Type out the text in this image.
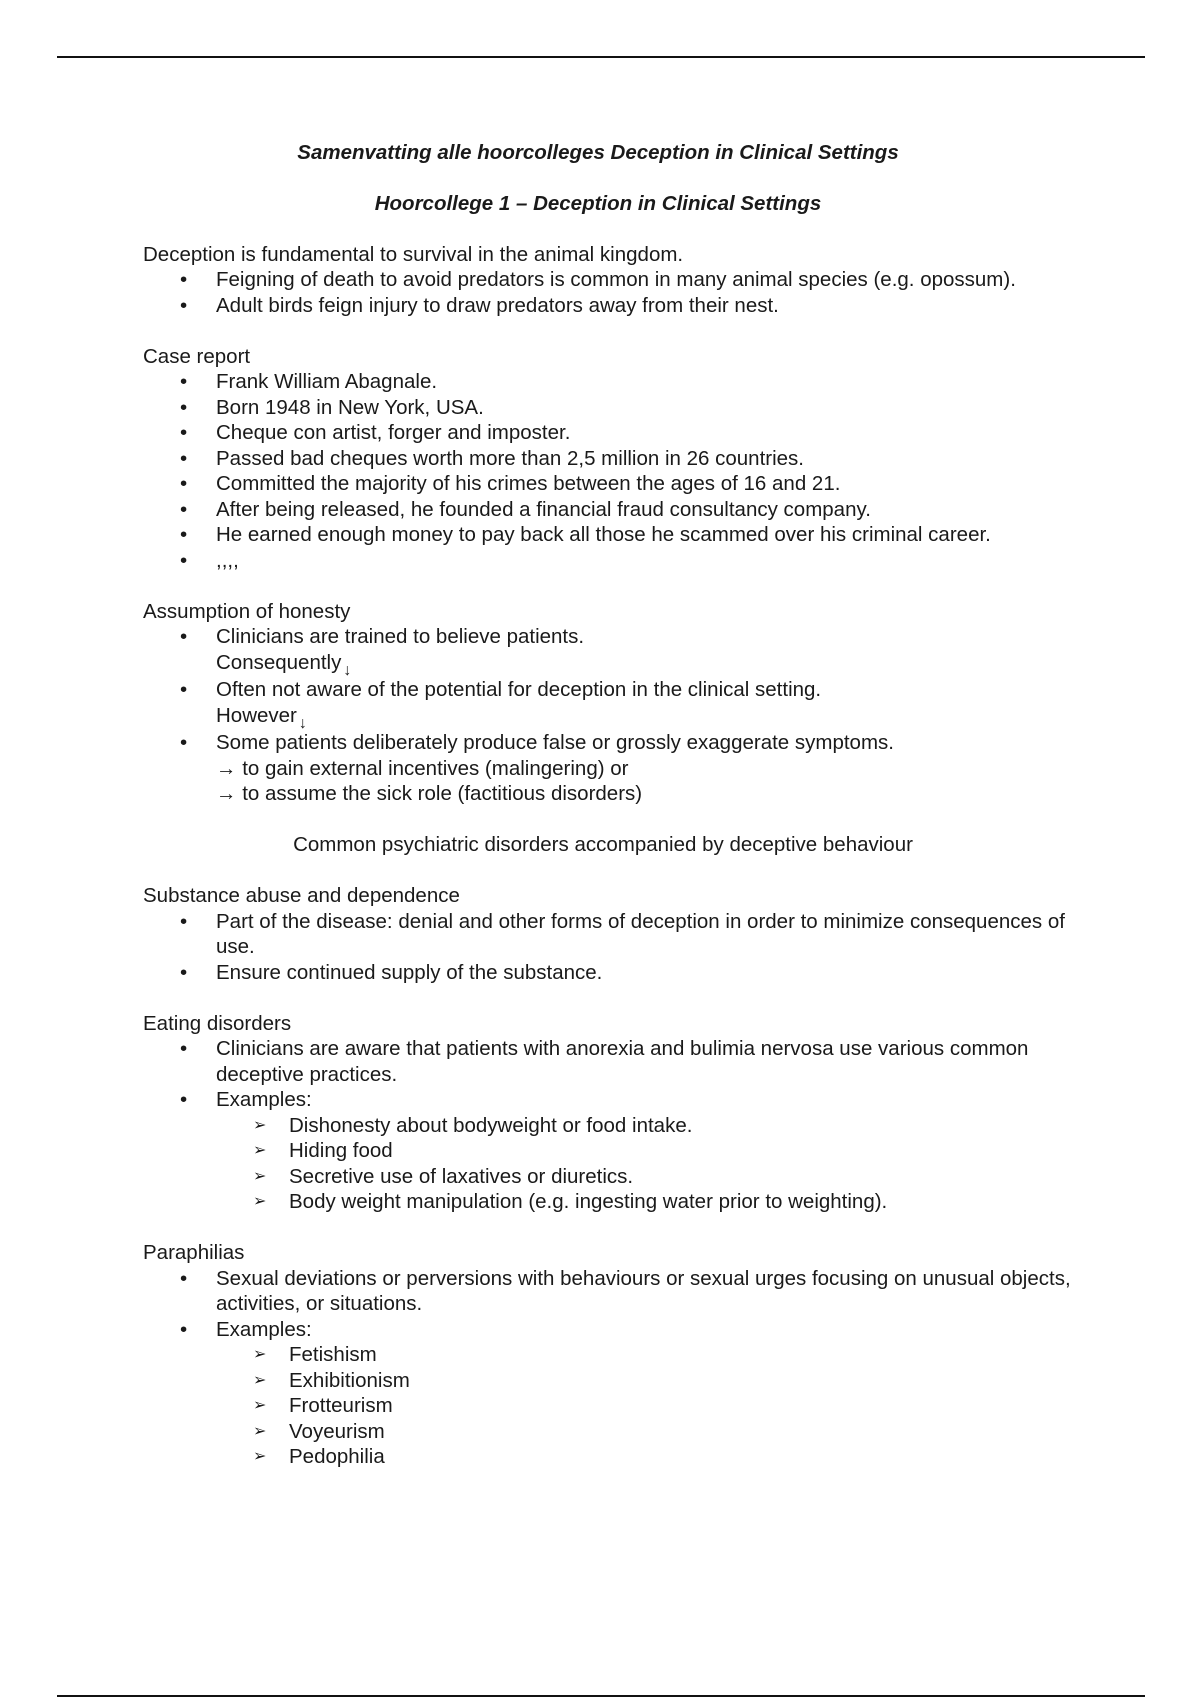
Samenvatting alle hoorcolleges Deception in Clinical Settings

Hoorcollege 1 – Deception in Clinical Settings

Deception is fundamental to survival in the animal kingdom.

• Feigning of death to avoid predators is common in many animal species (e.g. opossum).
• Adult birds feign injury to draw predators away from their nest.

Case report

• Frank William Abagnale.
• Born 1948 in New York, USA.
• Cheque con artist, forger and imposter.
• Passed bad cheques worth more than 2,5 million in 26 countries.
• Committed the majority of his crimes between the ages of 16 and 21.
• After being released, he founded a financial fraud consultancy company.
• He earned enough money to pay back all those he scammed over his criminal career.
• ,,,,

Assumption of honesty

• Clinicians are trained to believe patients.
Consequently ↓
• Often not aware of the potential for deception in the clinical setting.
However ↓
• Some patients deliberately produce false or grossly exaggerate symptoms.
→ to gain external incentives (malingering) or
→ to assume the sick role (factitious disorders)

Common psychiatric disorders accompanied by deceptive behaviour

Substance abuse and dependence

• Part of the disease: denial and other forms of deception in order to minimize consequences of use.
• Ensure continued supply of the substance.

Eating disorders

• Clinicians are aware that patients with anorexia and bulimia nervosa use various common deceptive practices.
• Examples:
➢ Dishonesty about bodyweight or food intake.
➢ Hiding food
➢ Secretive use of laxatives or diuretics.
➢ Body weight manipulation (e.g. ingesting water prior to weighting).

Paraphilias

• Sexual deviations or perversions with behaviours or sexual urges focusing on unusual objects, activities, or situations.
• Examples:
➢ Fetishism
➢ Exhibitionism
➢ Frotteurism
➢ Voyeurism
➢ Pedophilia
